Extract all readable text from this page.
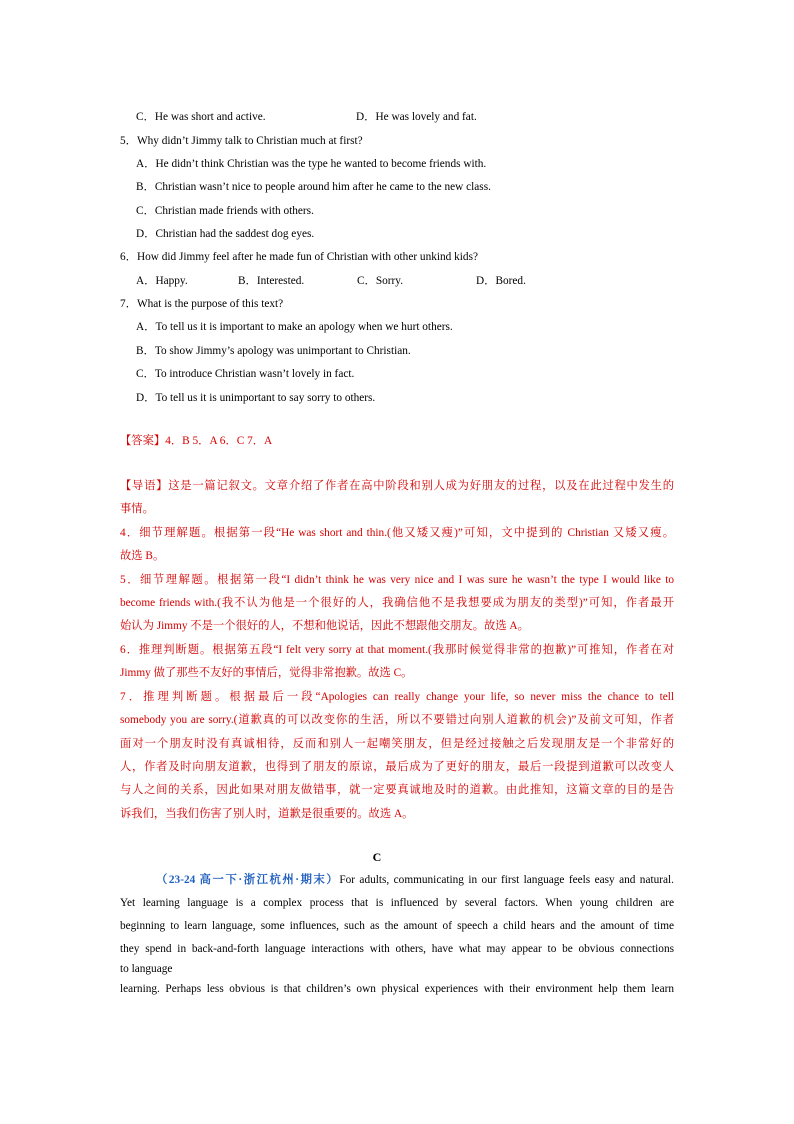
C．He was short and active.	D．He was lovely and fat.
5．Why didn’t Jimmy talk to Christian much at first?
A．He didn’t think Christian was the type he wanted to become friends with.
B．Christian wasn’t nice to people around him after he came to the new class.
C．Christian made friends with others.
D．Christian had the saddest dog eyes.
6．How did Jimmy feel after he made fun of Christian with other unkind kids?
A．Happy.	B．Interested.	C．Sorry.	D．Bored.
7．What is the purpose of this text?
A．To tell us it is important to make an apology when we hurt others.
B．To show Jimmy’s apology was unimportant to Christian.
C．To introduce Christian wasn’t lovely in fact.
D．To tell us it is unimportant to say sorry to others.
【答案】4．B 5．A 6．C 7．A
【导语】这是一篇记叙文。文章介绍了作者在高中阶段和别人成为好朋友的过程，以及在此过程中发生的
事情。
4．细节理解题。根据第一段“He was short and thin.(他又矮又瘦)”可知，文中提到的 Christian 又矮又瘦。
故选 B。
5．细节理解题。根据第一段“I didn’t think he was very nice and I was sure he wasn’t the type I would like to
become friends with.(我不认为他是一个很好的人，我确信他不是我想要成为朋友的类型)”可知，作者最开
始认为 Jimmy 不是一个很好的人，不想和他说话，因此不想跟他交朋友。故选 A。
6．推理判断题。根据第五段“I felt very sorry at that moment.(我那时候觉得非常的抱歉)”可推知，作者在对
Jimmy 做了那些不友好的事情后，觉得非常抱歉。故选 C。
7．推理判断题。根据最后一段“Apologies can really change your life, so never miss the chance to tell
somebody you are sorry.(道歉真的可以改变你的生活，所以不要错过向别人道歉的机会)”及前文可知，作者
面对一个朋友时没有真诚相待，反而和别人一起嘲笑朋友，但是经过接触之后发现朋友是一个非常好的
人，作者及时向朋友道歉，也得到了朋友的原谅，最后成为了更好的朋友，最后一段提到道歉可以改变人
与人之间的关系，因此如果对朋友做错事，就一定要真诚地及时的道歉。由此推知，这篇文章的目的是告
诉我们，当我们伤害了别人时，道歉是很重要的。故选 A。
C
（23-24 高一下·浙江杭州·期末）For adults, communicating in our first language feels easy and natural.
Yet learning language is a complex process that is influenced by several factors. When young children are
beginning to learn language, some influences, such as the amount of speech a child hears and the amount of time
they spend in back-and-forth language interactions with others, have what may appear to be obvious connections
to language
learning. Perhaps less obvious is that children’s own physical experiences with their environment help them learn
